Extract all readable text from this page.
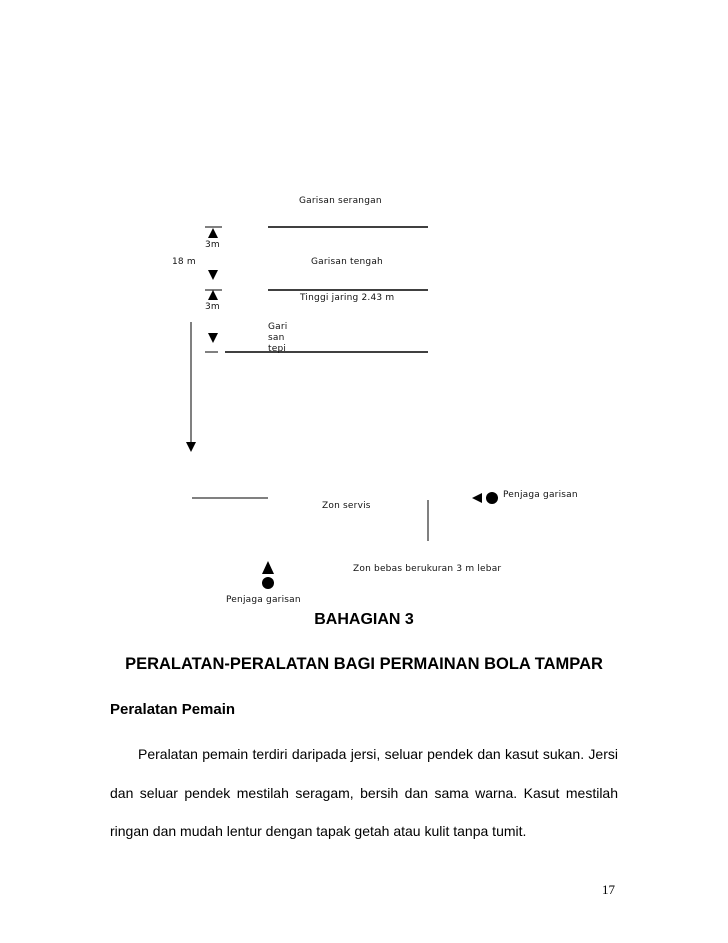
Garisan serangan
3m
18 m	Garisan tengah
Tinggi jaring 2.43 m
3m
Gari san tepi
Penjaga garisan
Zon servis
Zon bebas berukuran 3 m lebar
Penjaga garisan
BAHAGIAN 3
PERALATAN-PERALATAN BAGI PERMAINAN BOLA TAMPAR
Peralatan Pemain
Peralatan pemain terdiri daripada jersi, seluar pendek dan kasut sukan. Jersi dan seluar pendek mestilah seragam, bersih dan sama warna. Kasut mestilah ringan dan mudah lentur dengan tapak getah atau kulit tanpa tumit.
17
